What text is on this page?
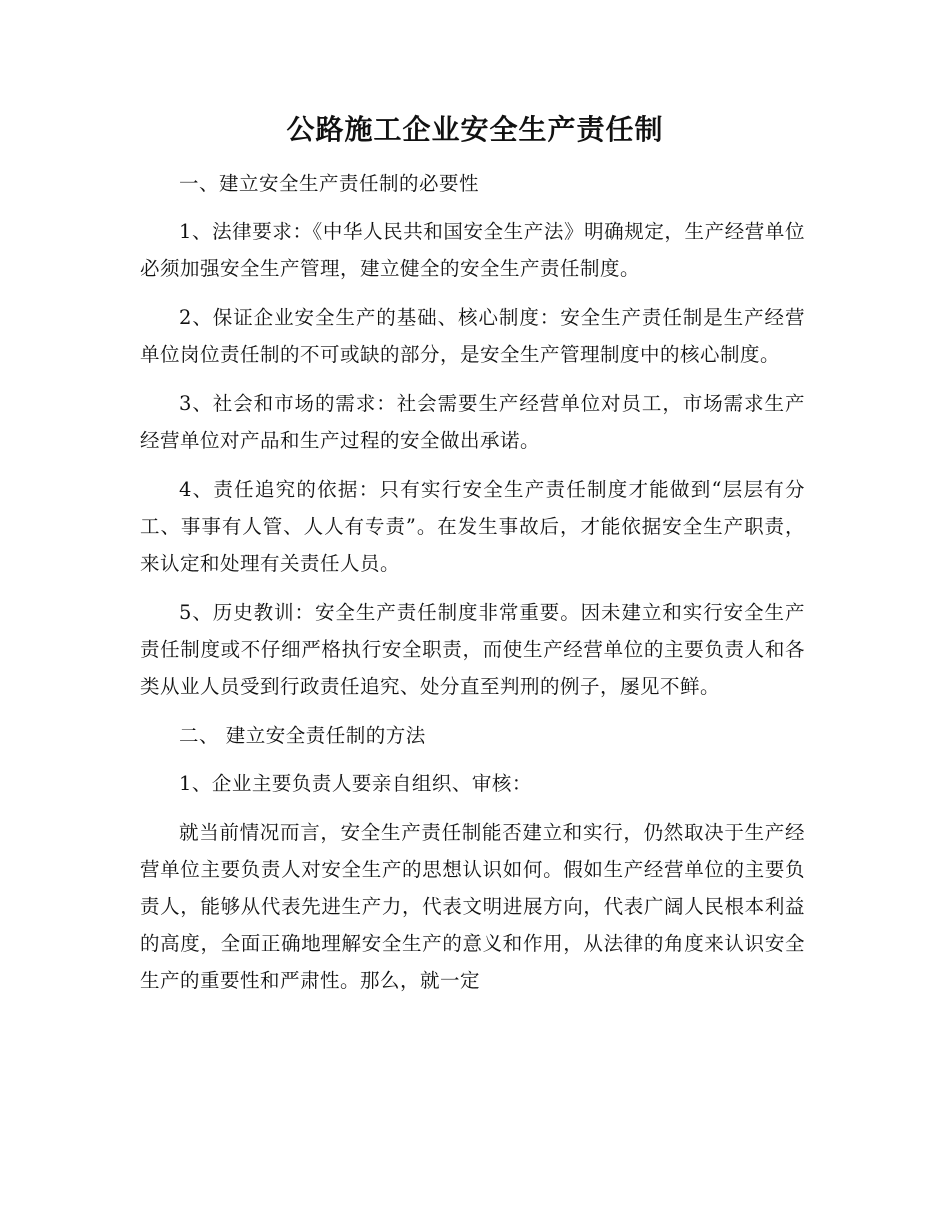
公路施工企业安全生产责任制

一、建立安全生产责任制的必要性

1、法律要求：《中华人民共和国安全生产法》明确规定，生产经营单位必须加强安全生产管理，建立健全的安全生产责任制度。

2、保证企业安全生产的基础、核心制度：安全生产责任制是生产经营单位岗位责任制的不可或缺的部分，是安全生产管理制度中的核心制度。

3、社会和市场的需求：社会需要生产经营单位对员工，市场需求生产经营单位对产品和生产过程的安全做出承诺。

4、责任追究的依据：只有实行安全生产责任制度才能做到“层层有分工、事事有人管、人人有专责”。在发生事故后，才能依据安全生产职责，来认定和处理有关责任人员。

5、历史教训：安全生产责任制度非常重要。因未建立和实行安全生产责任制度或不仔细严格执行安全职责，而使生产经营单位的主要负责人和各类从业人员受到行政责任追究、处分直至判刑的例子，屡见不鲜。

二、 建立安全责任制的方法

1、企业主要负责人要亲自组织、审核：

就当前情况而言，安全生产责任制能否建立和实行，仍然取决于生产经营单位主要负责人对安全生产的思想认识如何。假如生产经营单位的主要负责人，能够从代表先进生产力，代表文明进展方向，代表广阔人民根本利益的高度，全面正确地理解安全生产的意义和作用，从法律的角度来认识安全生产的重要性和严肃性。那么，就一定
